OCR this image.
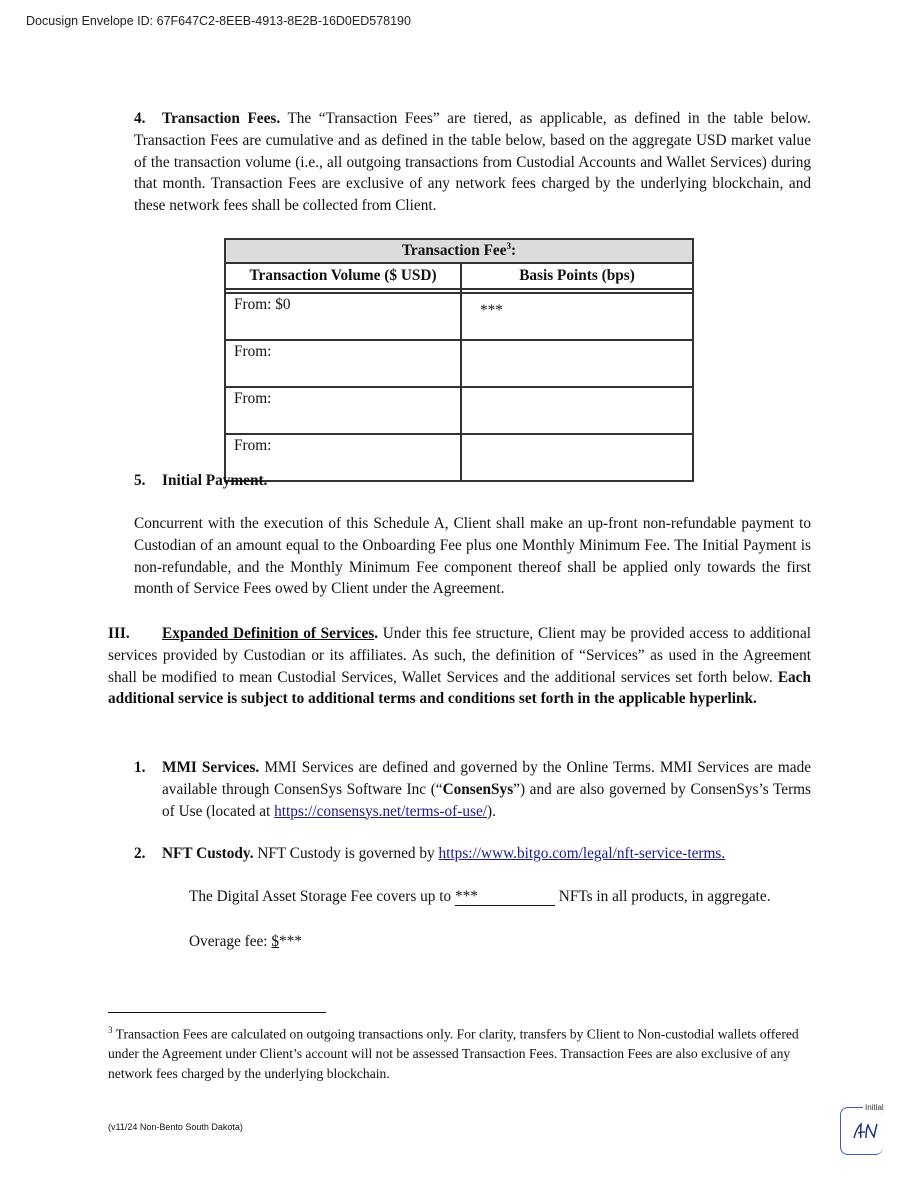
Docusign Envelope ID: 67F647C2-8EEB-4913-8E2B-16D0ED578190
4. Transaction Fees. The “Transaction Fees” are tiered, as applicable, as defined in the table below. Transaction Fees are cumulative and as defined in the table below, based on the aggregate USD market value of the transaction volume (i.e., all outgoing transactions from Custodial Accounts and Wallet Services) during that month. Transaction Fees are exclusive of any network fees charged by the underlying blockchain, and these network fees shall be collected from Client.
Transaction Fee$^3$:	
Transaction Volume ($ USD)	Basis Points (bps)

From: $0	***
From:	
From:	
From:	
5. Initial Payment.
Concurrent with the execution of this Schedule A, Client shall make an up-front non-refundable payment to Custodian of an amount equal to the Onboarding Fee plus one Monthly Minimum Fee. The Initial Payment is non-refundable, and the Monthly Minimum Fee component thereof shall be applied only towards the first month of Service Fees owed by Client under the Agreement.
III. Expanded Definition of Services. Under this fee structure, Client may be provided access to additional services provided by Custodian or its affiliates. As such, the definition of “Services” as used in the Agreement shall be modified to mean Custodial Services, Wallet Services and the additional services set forth below. Each additional service is subject to additional terms and conditions set forth in the applicable hyperlink.
1. MMI Services. MMI Services are defined and governed by the Online Terms. MMI Services are made available through ConsenSys Software Inc (“ConsenSys”) and are also governed by ConsenSys’s Terms of Use (located at https://consensys.net/terms-of-use/).
2. NFT Custody. NFT Custody is governed by https://www.bitgo.com/legal/nft-service-terms.
The Digital Asset Storage Fee covers up to ***	NFTs in all products, in aggregate.
Overage fee: $***
$^3$ Transaction Fees are calculated on outgoing transactions only. For clarity, transfers by Client to Non-custodial wallets offered under the Agreement under Client’s account will not be assessed Transaction Fees. Transaction Fees are also exclusive of any network fees charged by the underlying blockchain.
(v11/24 Non-Bento South Dakota)
Initial
